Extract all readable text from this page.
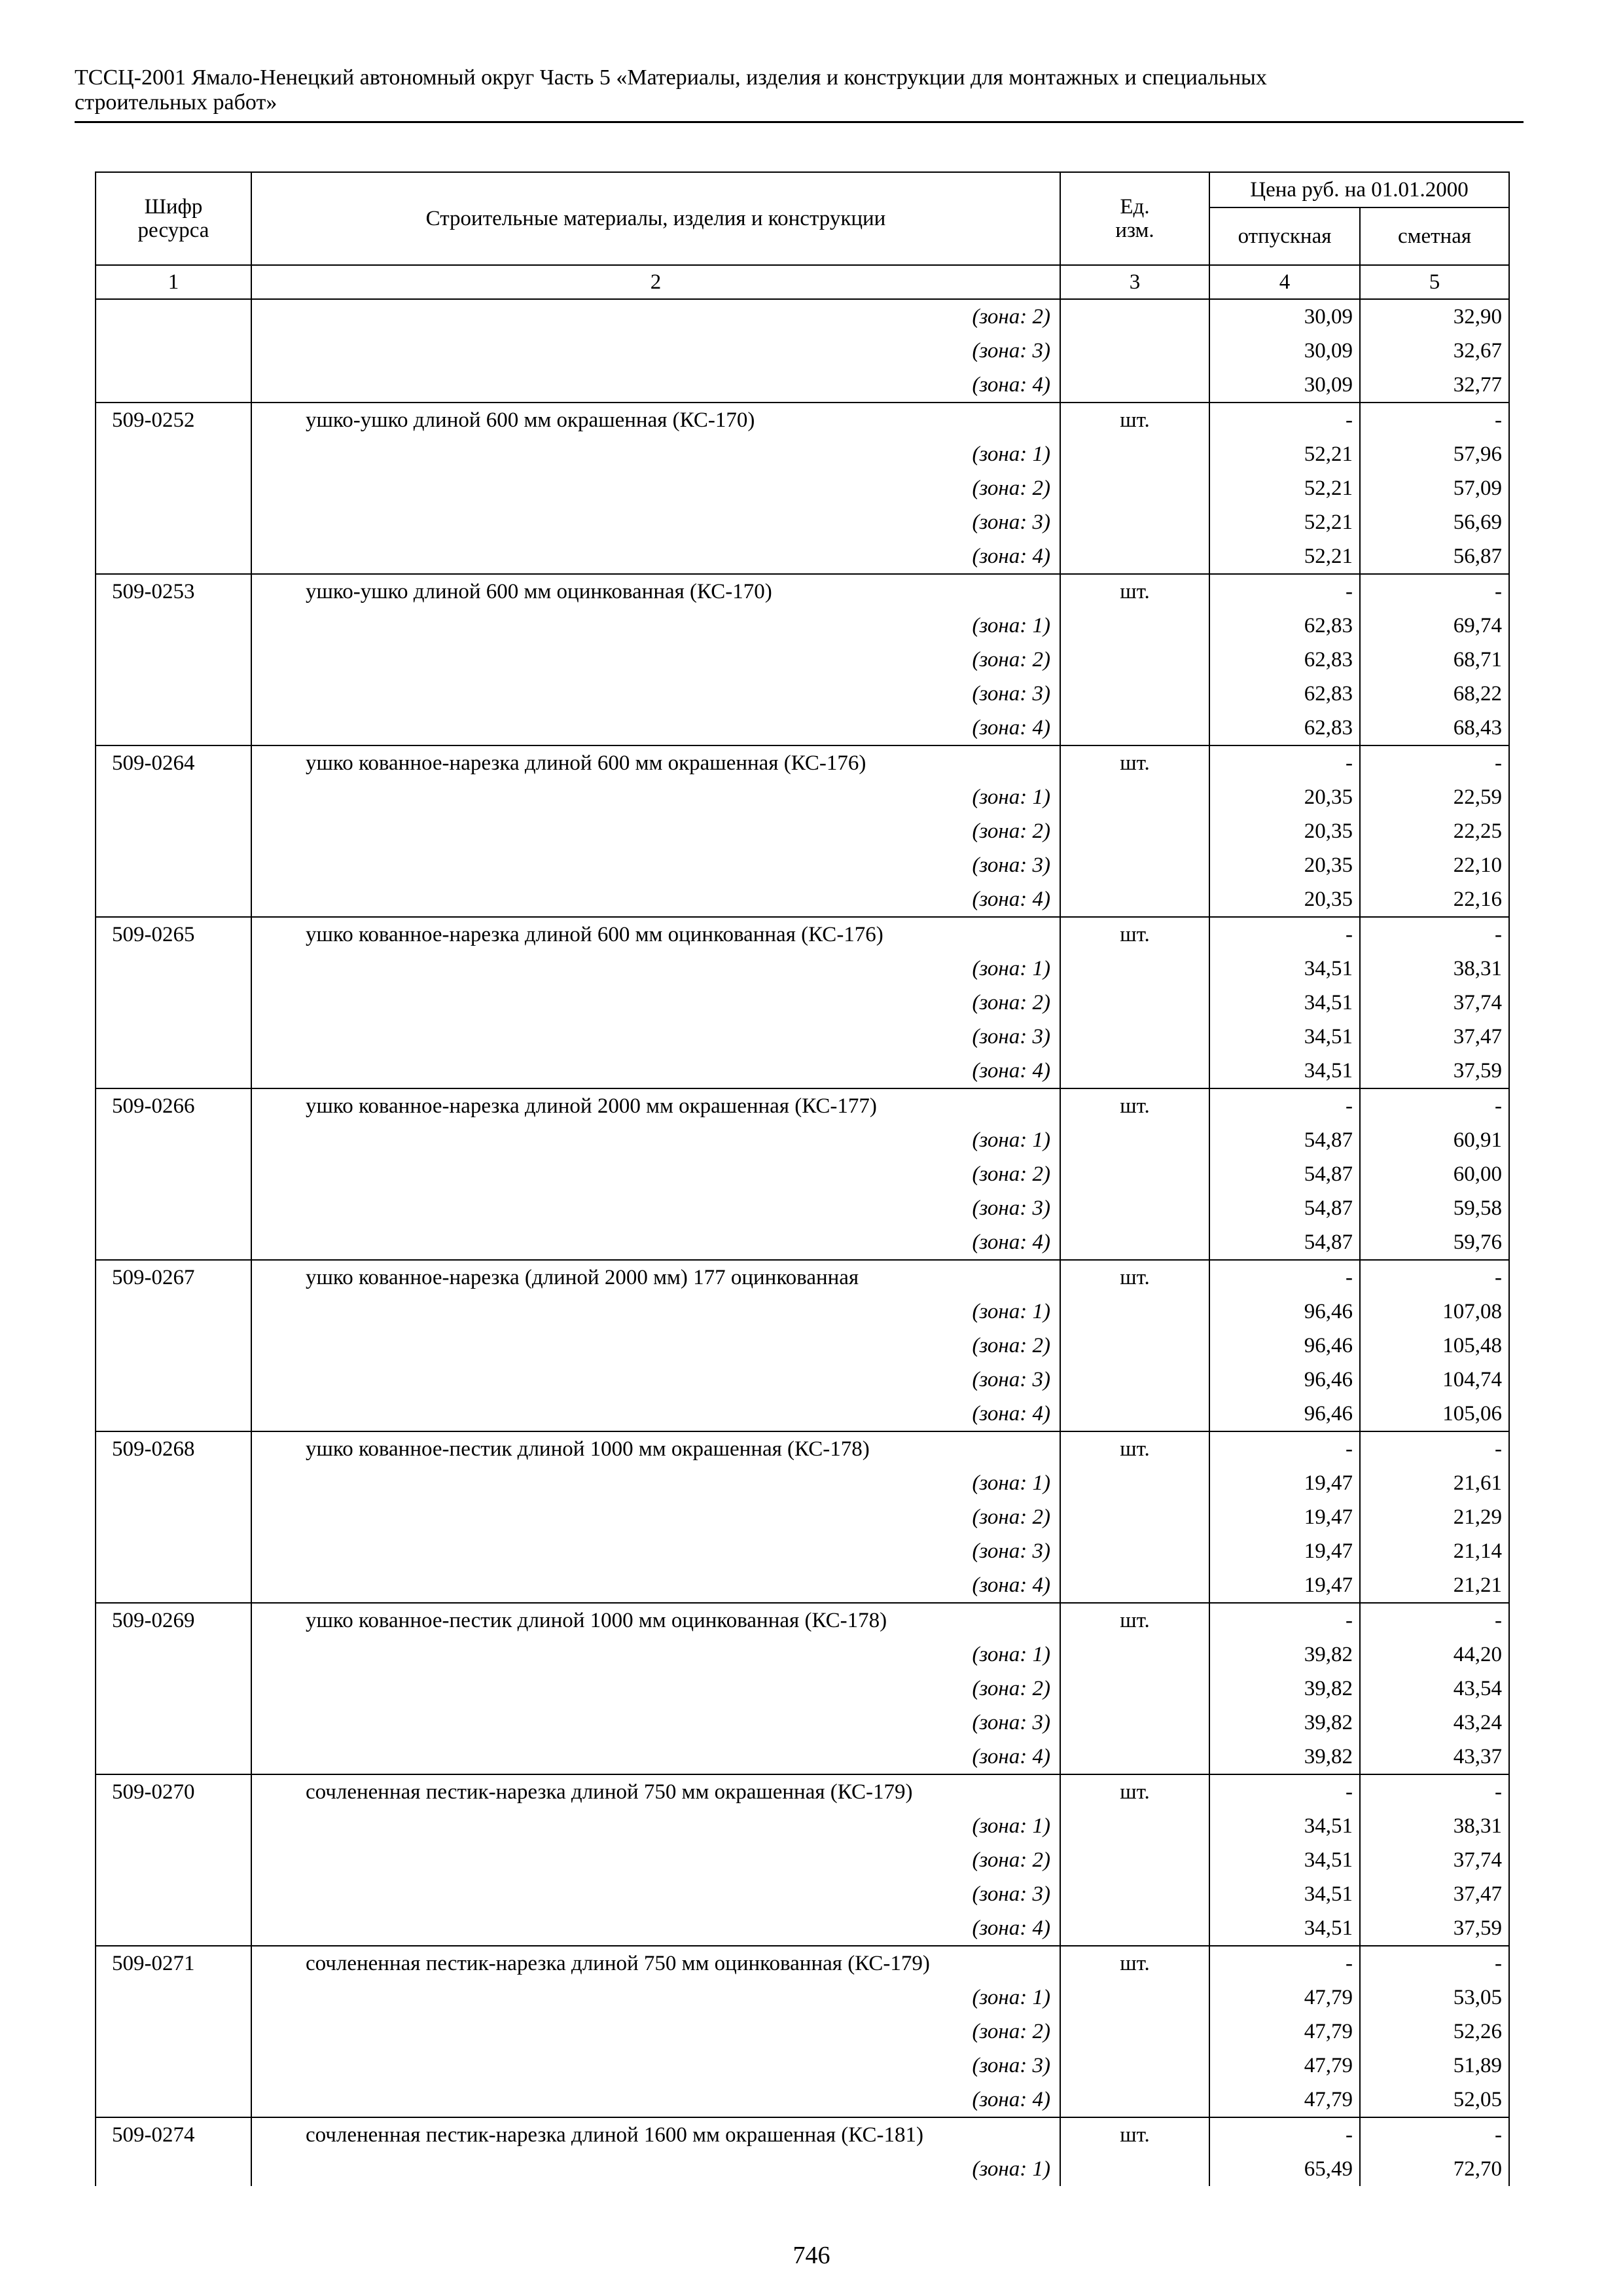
ТССЦ-2001 Ямало-Ненецкий автономный округ Часть 5 «Материалы, изделия и конструкции для монтажных и специальных
строительных работ»
Шифр ресурса	Строительные материалы, изделия и конструкции	Ед. изм.	Цена руб. на 01.01.2000	
			отпускная	сметная
1	2	3	4	5
	(зона: 2)		30,09	32,90
	(зона: 3)		30,09	32,67
	(зона: 4)		30,09	32,77
509-0252	ушко-ушко длиной 600 мм окрашенная (КС-170)	шт.	-	-
	(зона: 1)		52,21	57,96
	(зона: 2)		52,21	57,09
	(зона: 3)		52,21	56,69
	(зона: 4)		52,21	56,87
509-0253	ушко-ушко длиной 600 мм оцинкованная (КС-170)	шт.	-	-
	(зона: 1)		62,83	69,74
	(зона: 2)		62,83	68,71
	(зона: 3)		62,83	68,22
	(зона: 4)		62,83	68,43
509-0264	ушко кованное-нарезка длиной 600 мм окрашенная (КС-176)	шт.	-	-
	(зона: 1)		20,35	22,59
	(зона: 2)		20,35	22,25
	(зона: 3)		20,35	22,10
	(зона: 4)		20,35	22,16
509-0265	ушко кованное-нарезка длиной 600 мм оцинкованная (КС-176)	шт.	-	-
	(зона: 1)		34,51	38,31
	(зона: 2)		34,51	37,74
	(зона: 3)		34,51	37,47
	(зона: 4)		34,51	37,59
509-0266	ушко кованное-нарезка длиной 2000 мм окрашенная (КС-177)	шт.	-	-
	(зона: 1)		54,87	60,91
	(зона: 2)		54,87	60,00
	(зона: 3)		54,87	59,58
	(зона: 4)		54,87	59,76
509-0267	ушко кованное-нарезка (длиной 2000 мм) 177 оцинкованная	шт.	-	-
	(зона: 1)		96,46	107,08
	(зона: 2)		96,46	105,48
	(зона: 3)		96,46	104,74
	(зона: 4)		96,46	105,06
509-0268	ушко кованное-пестик длиной 1000 мм окрашенная (КС-178)	шт.	-	-
	(зона: 1)		19,47	21,61
	(зона: 2)		19,47	21,29
	(зона: 3)		19,47	21,14
	(зона: 4)		19,47	21,21
509-0269	ушко кованное-пестик длиной 1000 мм оцинкованная (КС-178)	шт.	-	-
	(зона: 1)		39,82	44,20
	(зона: 2)		39,82	43,54
	(зона: 3)		39,82	43,24
	(зона: 4)		39,82	43,37
509-0270	сочлененная пестик-нарезка длиной 750 мм окрашенная (КС-179)	шт.	-	-
	(зона: 1)		34,51	38,31
	(зона: 2)		34,51	37,74
	(зона: 3)		34,51	37,47
	(зона: 4)		34,51	37,59
509-0271	сочлененная пестик-нарезка длиной 750 мм оцинкованная (КС-179)	шт.	-	-
	(зона: 1)		47,79	53,05
	(зона: 2)		47,79	52,26
	(зона: 3)		47,79	51,89
	(зона: 4)		47,79	52,05
509-0274	сочлененная пестик-нарезка длиной 1600 мм окрашенная (КС-181)	шт.	-	-
	(зона: 1)		65,49	72,70
746
